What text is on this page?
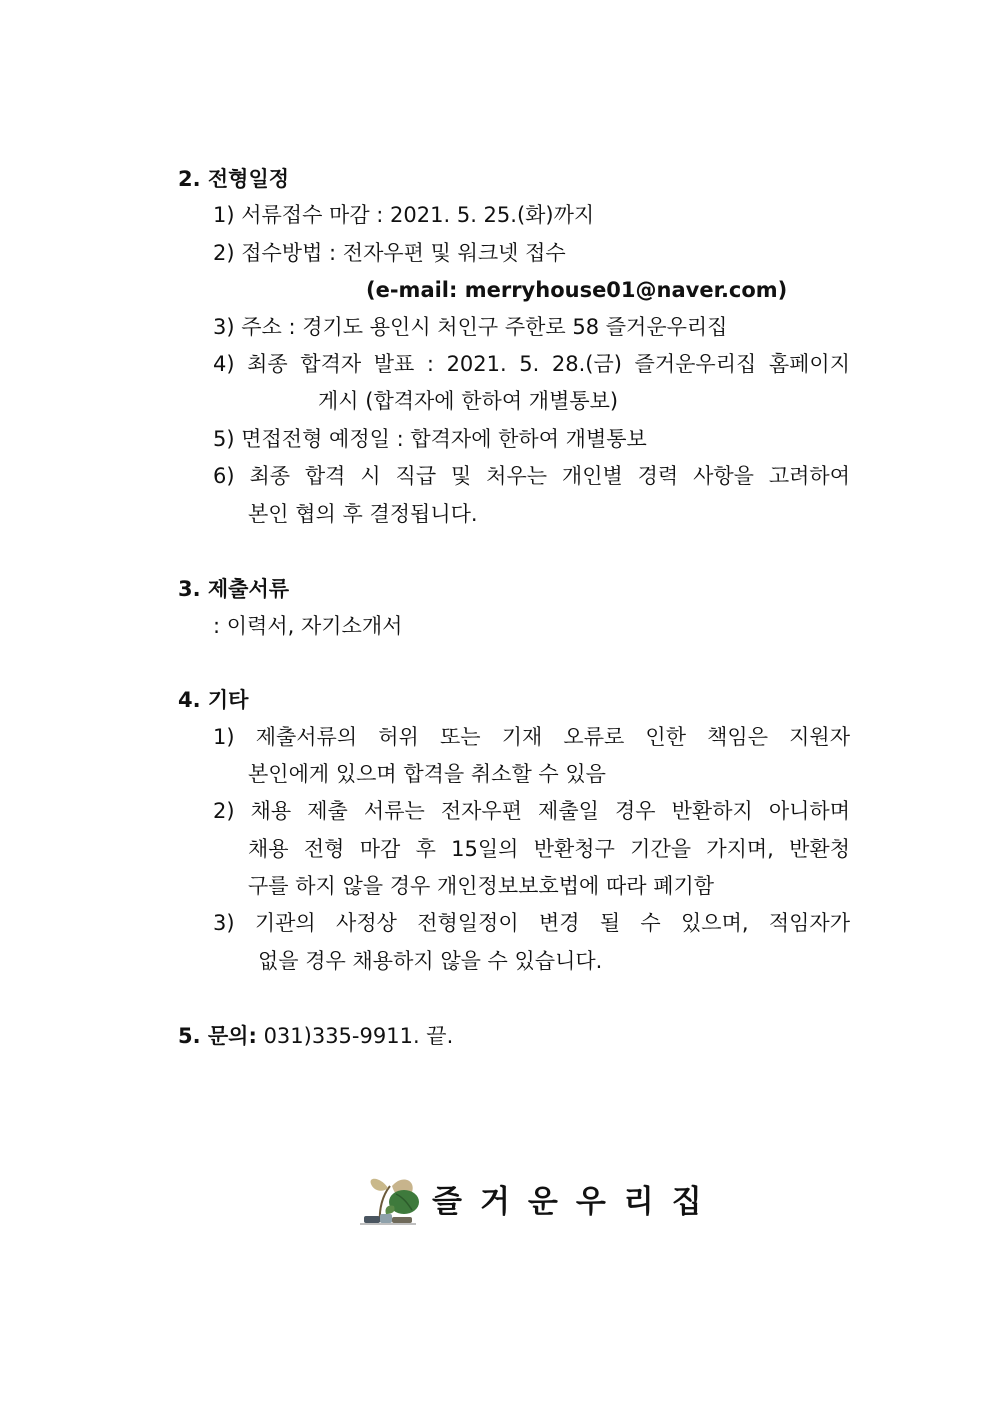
2. 전형일정
1) 서류접수 마감 : 2021. 5. 25.(화)까지
2) 접수방법 : 전자우편 및 워크넷 접수
(e-mail: merryhouse01@naver.com)
3) 주소 : 경기도 용인시 처인구 주한로 58 즐거운우리집
4) 최종 합격자 발표 : 2021. 5. 28.(금) 즐거운우리집 홈페이지
게시 (합격자에 한하여 개별통보)
5) 면접전형 예정일 : 합격자에 한하여 개별통보
6) 최종 합격 시 직급 및 처우는 개인별 경력 사항을 고려하여
본인 협의 후 결정됩니다.
3. 제출서류
: 이력서, 자기소개서
4. 기타
1) 제출서류의 허위 또는 기재 오류로 인한 책임은 지원자
본인에게 있으며 합격을 취소할 수 있음
2) 채용 제출 서류는 전자우편 제출일 경우 반환하지 아니하며
채용 전형 마감 후 15일의 반환청구 기간을 가지며, 반환청
구를 하지 않을 경우 개인정보보호법에 따라 폐기함
3) 기관의 사정상 전형일정이 변경 될 수 있으며, 적임자가
없을 경우 채용하지 않을 수 있습니다.
5. 문의: 031)335-9911. 끝.
즐거운우리집
